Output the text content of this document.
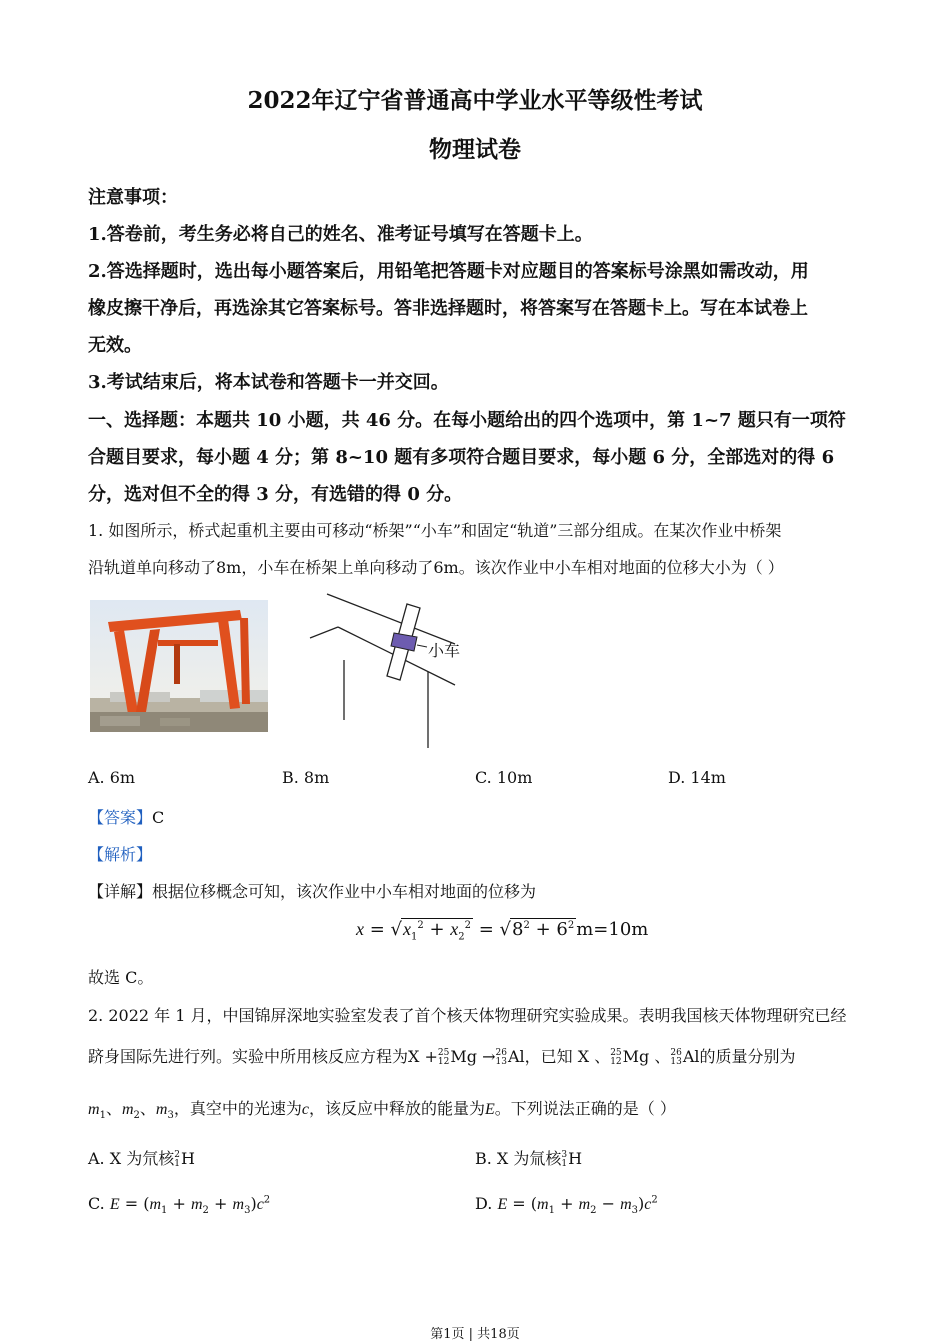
2022年辽宁省普通高中学业水平等级性考试
物理试卷
注意事项：
1.答卷前，考生务必将自己的姓名、准考证号填写在答题卡上。
2.答选择题时，选出每小题答案后，用铅笔把答题卡对应题目的答案标号涂黑如需改动，用
橡皮擦干净后，再选涂其它答案标号。答非选择题时，将答案写在答题卡上。写在本试卷上
无效。
3.考试结束后，将本试卷和答题卡一并交回。
一、选择题：本题共 10 小题，共 46 分。在每小题给出的四个选项中，第 1~7 题只有一项符
合题目要求，每小题 4 分；第 8~10 题有多项符合题目要求，每小题 6 分，全部选对的得 6
分，选对但不全的得 3 分，有选错的得 0 分。
1. 如图所示，桥式起重机主要由可移动“桥架”“小车”和固定“轨道”三部分组成。在某次作业中桥架
沿轨道单向移动了8m，小车在桥架上单向移动了6m。该次作业中小车相对地面的位移大小为（ ）
小车
A. 6m	B. 8m	C. 10m	D. 14m
【答案】C
【解析】
【详解】根据位移概念可知，该次作业中小车相对地面的位移为
$x = √x_1^2 + x_2^2 = √8^2 + 6^2$ m=10m
故选 C。
2. 2022 年 1 月，中国锦屏深地实验室发表了首个核天体物理研究实验成果。表明我国核天体物理研究已经
跻身国际先进行列。实验中所用核反应方程为X + 25
12 Mg → 26
13 Al，已知 X 、 25
12 Mg 、 26
13 Al的质量分别为
$m_1$、$m_2$、$m_3$，真空中的光速为c，该反应中释放的能量为E。下列说法正确的是（ ）
A. X 为氘核 2
1 H	B. X 为氚核 3
1 H
C. $E = (m_1 + m_2 + m_3)c^2$	D. $E = (m_1 + m_2 - m_3)c^2$
第1页 | 共18页
